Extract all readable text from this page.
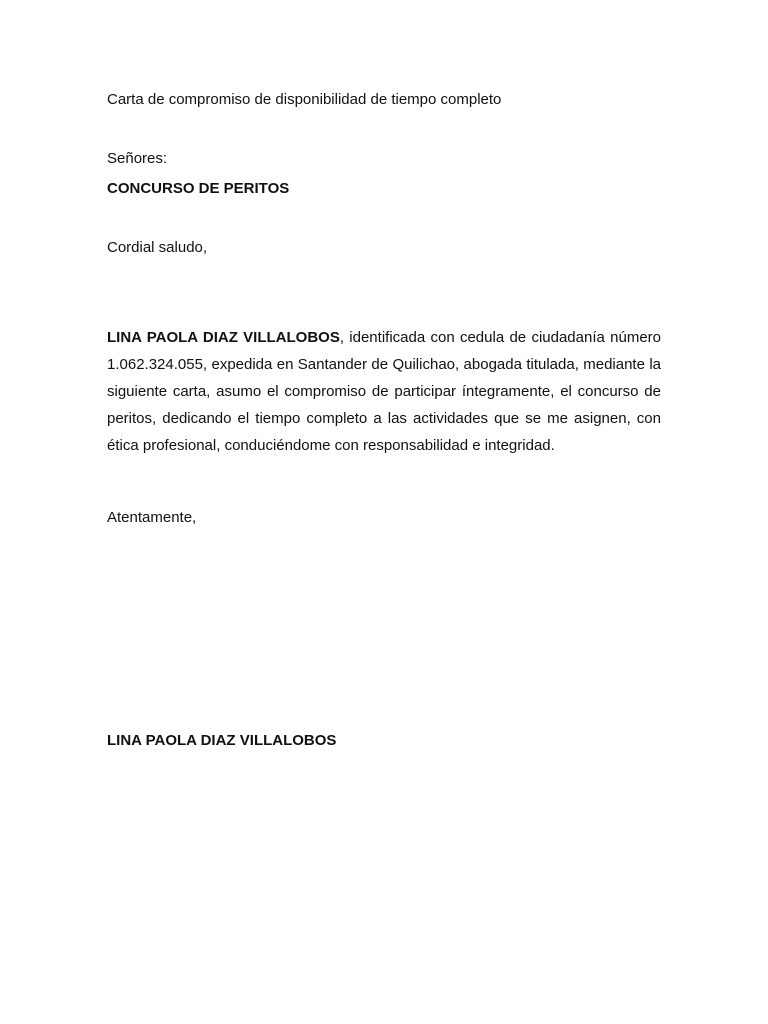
Carta de compromiso de disponibilidad de tiempo completo
Señores:
CONCURSO DE PERITOS
Cordial saludo,
LINA PAOLA DIAZ VILLALOBOS, identificada con cedula de ciudadanía número 1.062.324.055, expedida en Santander de Quilichao, abogada titulada, mediante la siguiente carta, asumo el compromiso de participar íntegramente, el concurso de peritos, dedicando el tiempo completo a las actividades que se me asignen, con ética profesional, conduciéndome con responsabilidad e integridad.
Atentamente,
LINA PAOLA DIAZ VILLALOBOS
